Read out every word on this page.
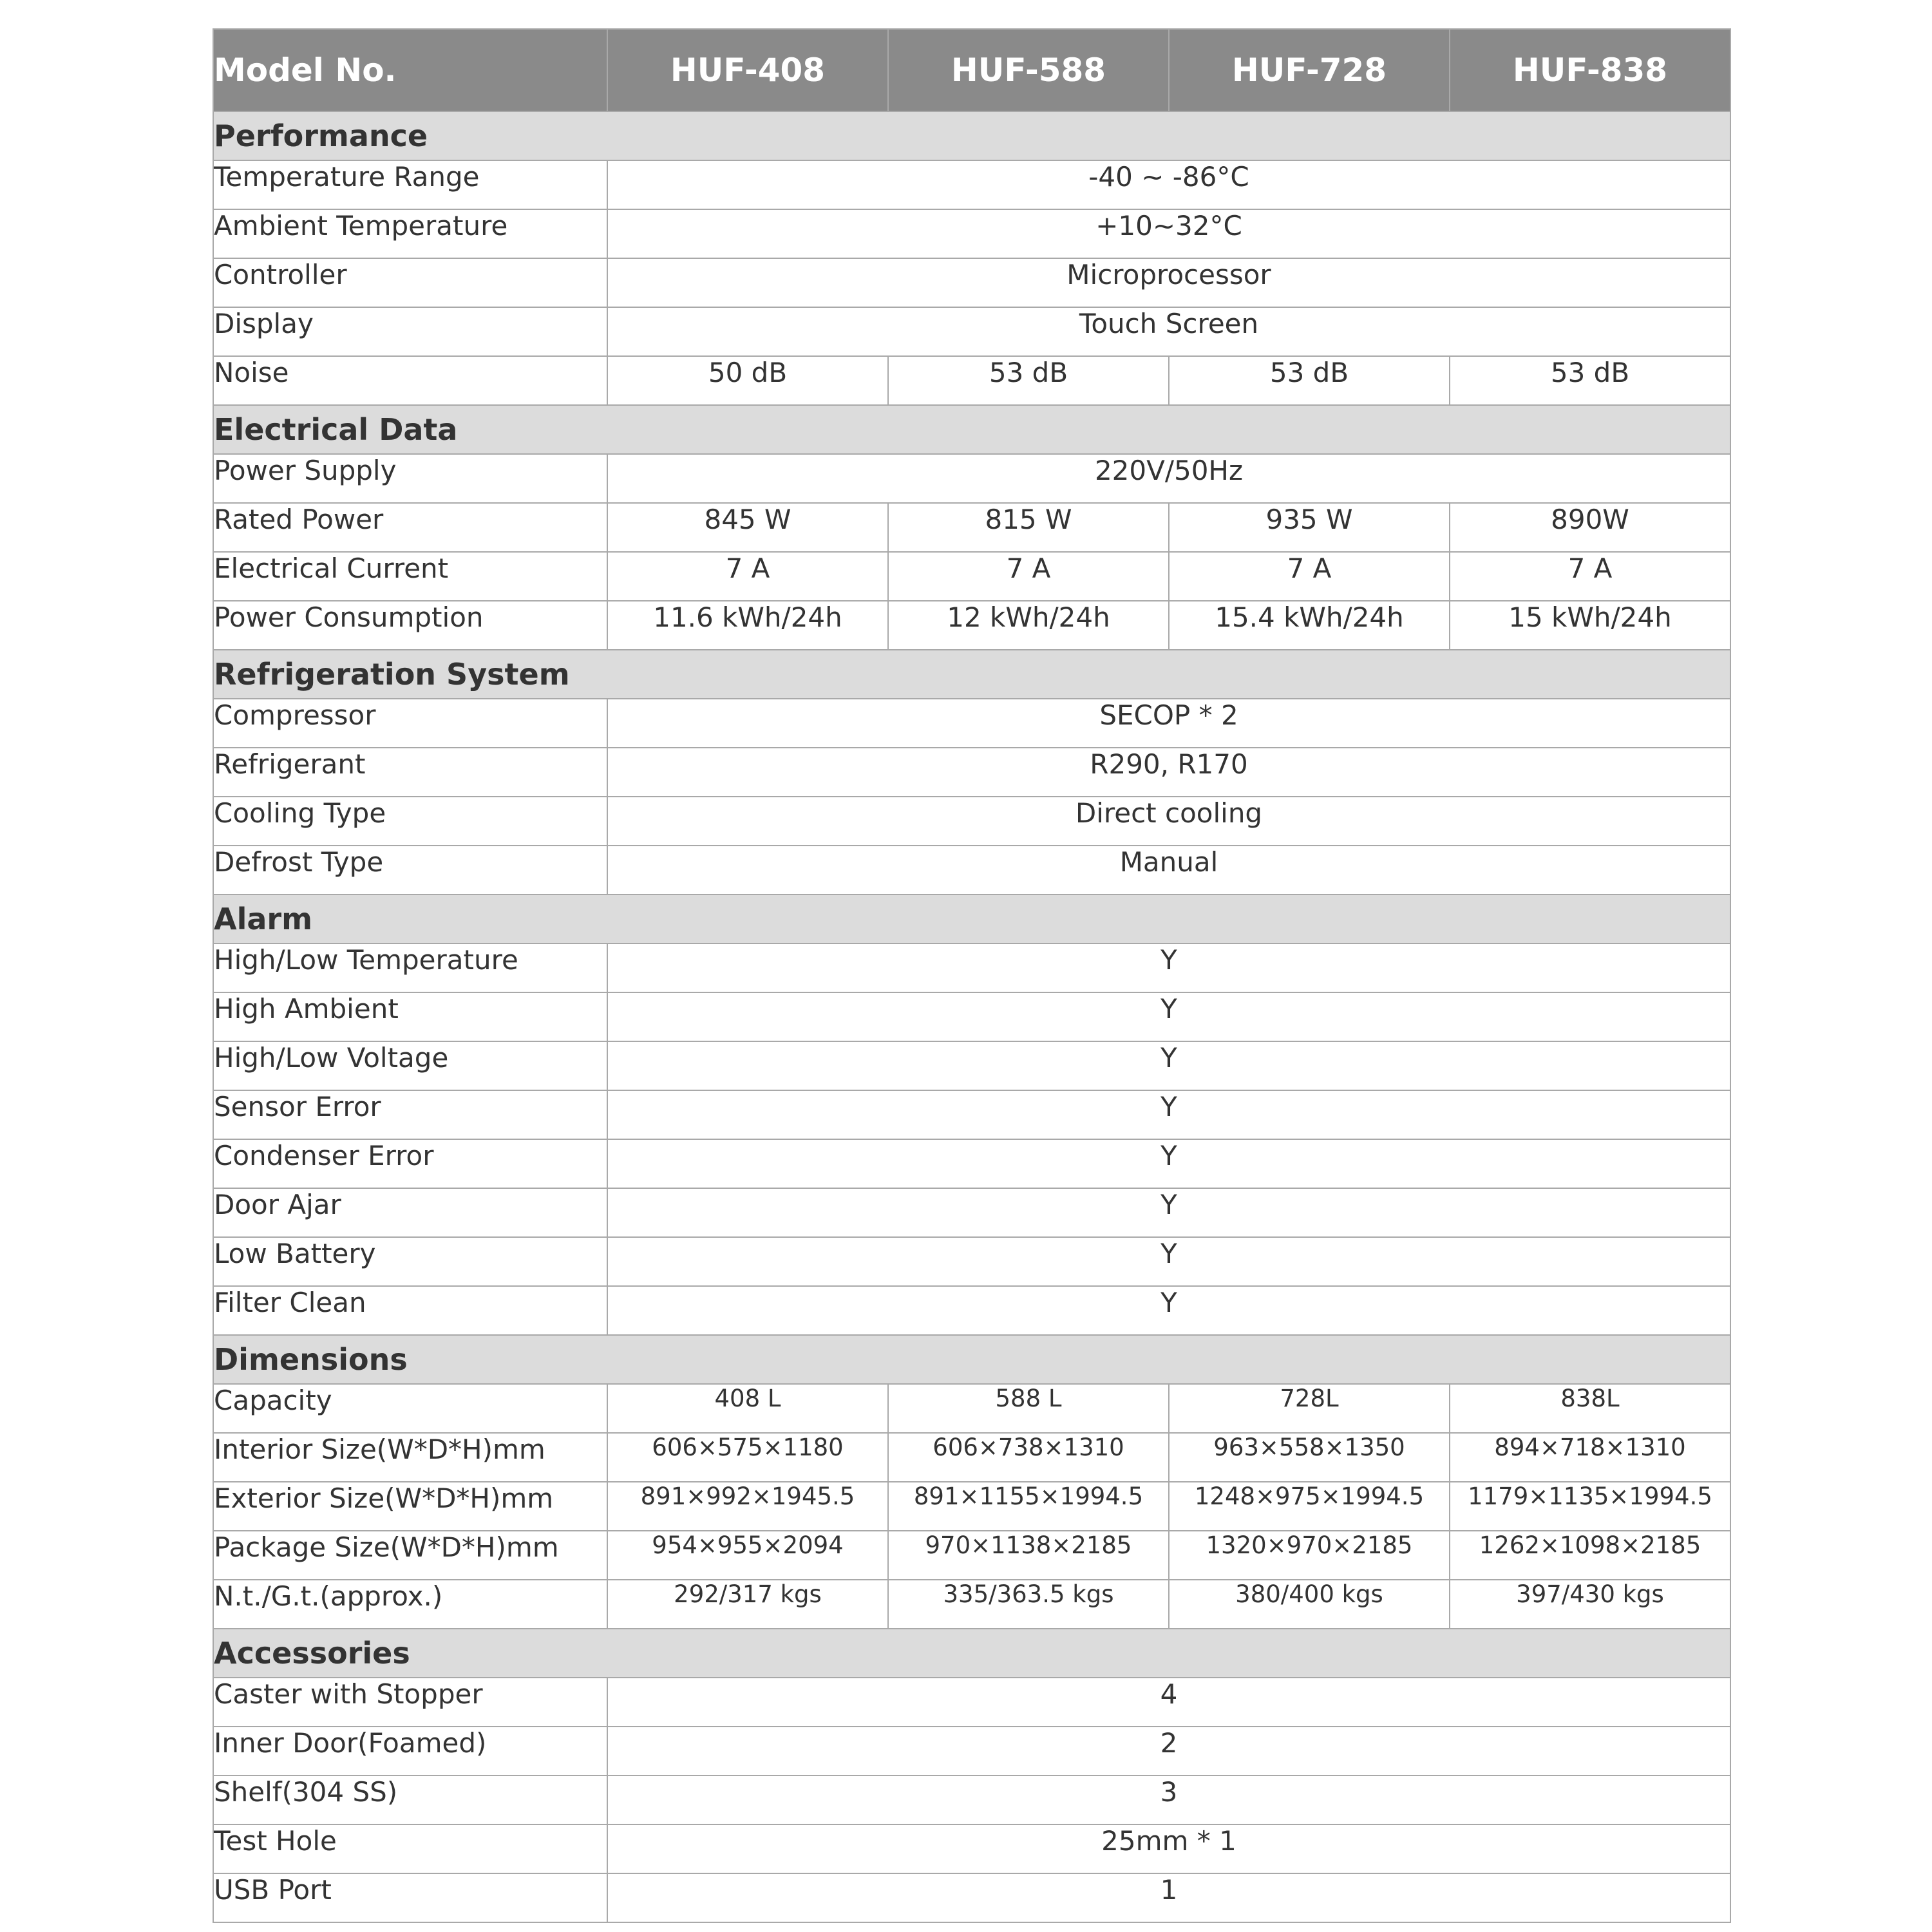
Model No.	HUF-408	HUF-588	HUF-728	HUF-838
Performance				
Temperature Range	-40 ~ -86°C			
Ambient Temperature	+10~32°C			
Controller	Microprocessor			
Display	Touch Screen			
Noise	50 dB	53 dB	53 dB	53 dB
Electrical Data				
Power Supply	220V/50Hz			
Rated Power	845 W	815 W	935 W	890W
Electrical Current	7 A	7 A	7 A	7 A
Power Consumption	11.6 kWh/24h	12 kWh/24h	15.4 kWh/24h	15 kWh/24h
Refrigeration System				
Compressor	SECOP * 2			
Refrigerant	R290, R170			
Cooling Type	Direct cooling			
Defrost Type	Manual			
Alarm				
High/Low Temperature	Y			
High Ambient	Y			
High/Low Voltage	Y			
Sensor Error	Y			
Condenser Error	Y			
Door Ajar	Y			
Low Battery	Y			
Filter Clean	Y			
Dimensions				
Capacity	408 L	588 L	728L	838L
Interior Size(W*D*H)mm	606×575×1180	606×738×1310	963×558×1350	894×718×1310
Exterior Size(W*D*H)mm	891×992×1945.5	891×1155×1994.5	1248×975×1994.5	1179×1135×1994.5
Package Size(W*D*H)mm	954×955×2094	970×1138×2185	1320×970×2185	1262×1098×2185
N.t./G.t.(approx.)	292/317 kgs	335/363.5 kgs	380/400 kgs	397/430 kgs
Accessories				
Caster with Stopper	4			
Inner Door(Foamed)	2			
Shelf(304 SS)	3			
Test Hole	25mm * 1			
USB Port	1			
